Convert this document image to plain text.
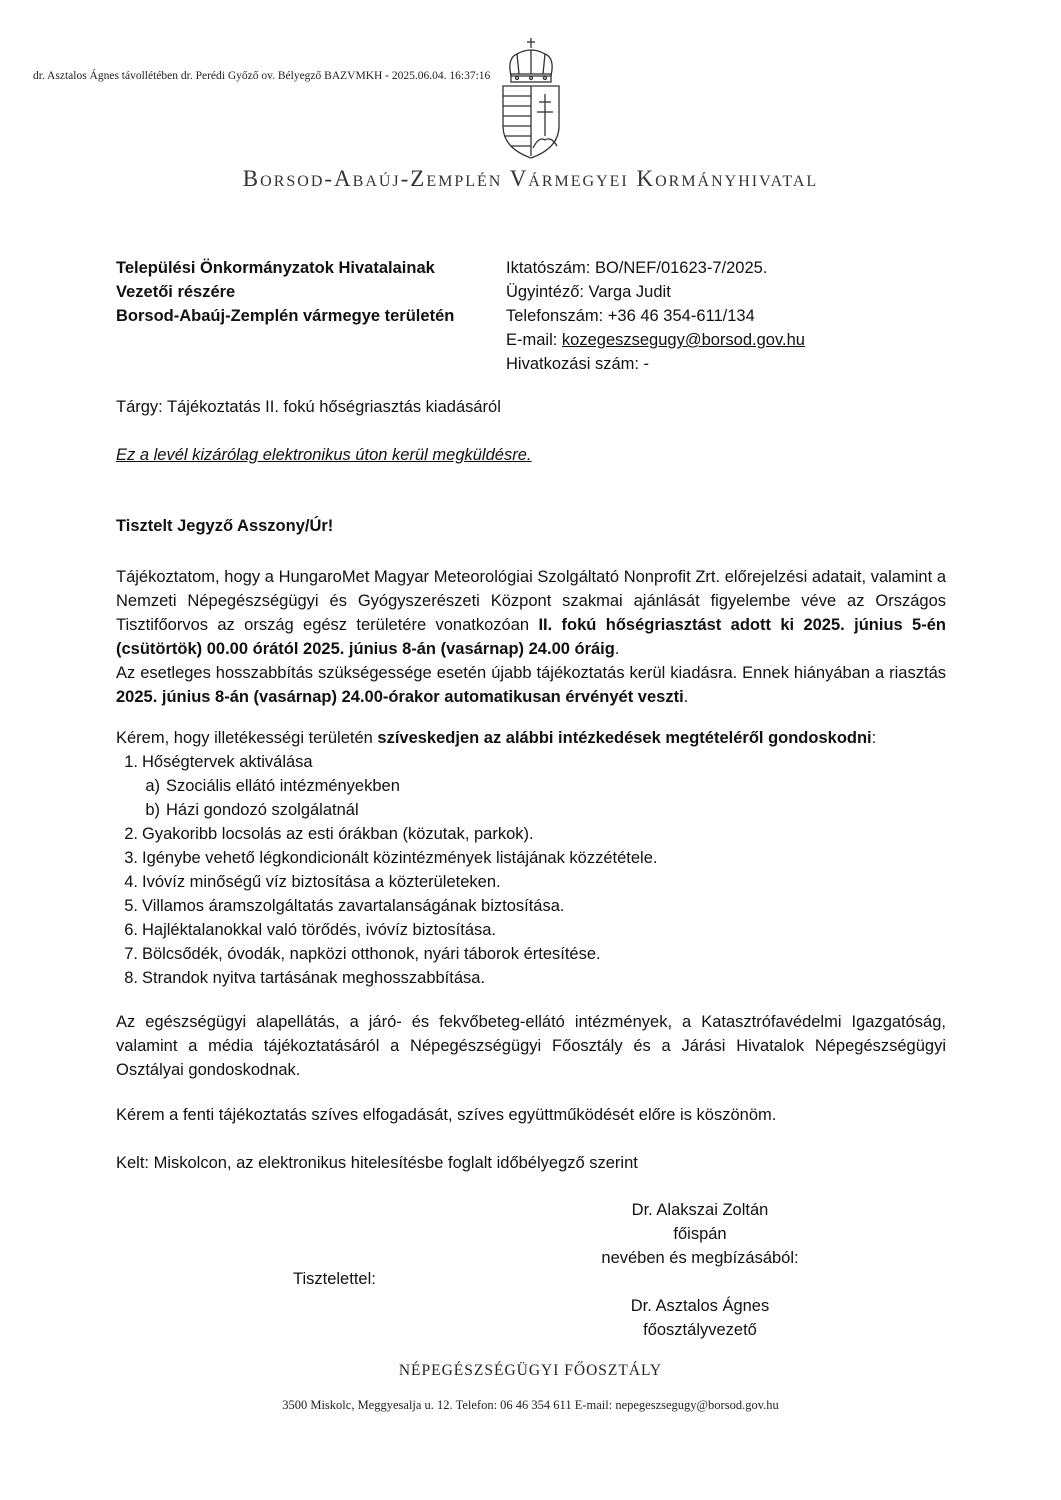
dr. Asztalos Ágnes távollétében dr. Perédi Győző ov. Bélyegző BAZVMKH - 2025.06.04. 16:37:16
Borsod-Abaúj-Zemplén Vármegyei Kormányhivatal
Települési Önkormányzatok Hivatalainak
Vezetői részére
Borsod-Abaúj-Zemplén vármegye területén
Iktatószám: BO/NEF/01623-7/2025.
Ügyintéző: Varga Judit
Telefonszám: +36 46 354-611/134
E-mail: kozegeszsegugy@borsod.gov.hu
Hivatkozási szám: -
Tárgy: Tájékoztatás II. fokú hőségriasztás kiadásáról
Ez a levél kizárólag elektronikus úton kerül megküldésre.
Tisztelt Jegyző Asszony/Úr!
Tájékoztatom, hogy a HungaroMet Magyar Meteorológiai Szolgáltató Nonprofit Zrt. előrejelzési adatait, valamint a Nemzeti Népegészségügyi és Gyógyszerészeti Központ szakmai ajánlását figyelembe véve az Országos Tisztifőorvos az ország egész területére vonatkozóan II. fokú hőségriasztást adott ki 2025. június 5-én (csütörtök) 00.00 órától 2025. június 8-án (vasárnap) 24.00 óráig.
Az esetleges hosszabbítás szükségessége esetén újabb tájékoztatás kerül kiadásra. Ennek hiányában a riasztás 2025. június 8-án (vasárnap) 24.00-órakor automatikusan érvényét veszti.
Kérem, hogy illetékességi területén szíveskedjen az alábbi intézkedések megtételéről gondoskodni:
1. Hőségtervek aktiválása
a) Szociális ellátó intézményekben
b) Házi gondozó szolgálatnál
2. Gyakoribb locsolás az esti órákban (közutak, parkok).
3. Igénybe vehető légkondicionált közintézmények listájának közzététele.
4. Ivóvíz minőségű víz biztosítása a közterületeken.
5. Villamos áramszolgáltatás zavartalanságának biztosítása.
6. Hajléktalanokkal való törődés, ivóvíz biztosítása.
7. Bölcsődék, óvodák, napközi otthonok, nyári táborok értesítése.
8. Strandok nyitva tartásának meghosszabbítása.
Az egészségügyi alapellátás, a járó- és fekvőbeteg-ellátó intézmények, a Katasztrófavédelmi Igazgatóság, valamint a média tájékoztatásáról a Népegészségügyi Főosztály és a Járási Hivatalok Népegészségügyi Osztályai gondoskodnak.
Kérem a fenti tájékoztatás szíves elfogadását, szíves együttműködését előre is köszönöm.
Kelt: Miskolcon, az elektronikus hitelesítésbe foglalt időbélyegző szerint
Dr. Alakszai Zoltán
főispán
nevében és megbízásából:
Tisztelettel:
Dr. Asztalos Ágnes
főosztályvezető
NÉPEGÉSZSÉGÜGYI FŐOSZTÁLY
3500 Miskolc, Meggyesalja u. 12. Telefon: 06 46 354 611 E-mail: nepegeszsegugy@borsod.gov.hu
